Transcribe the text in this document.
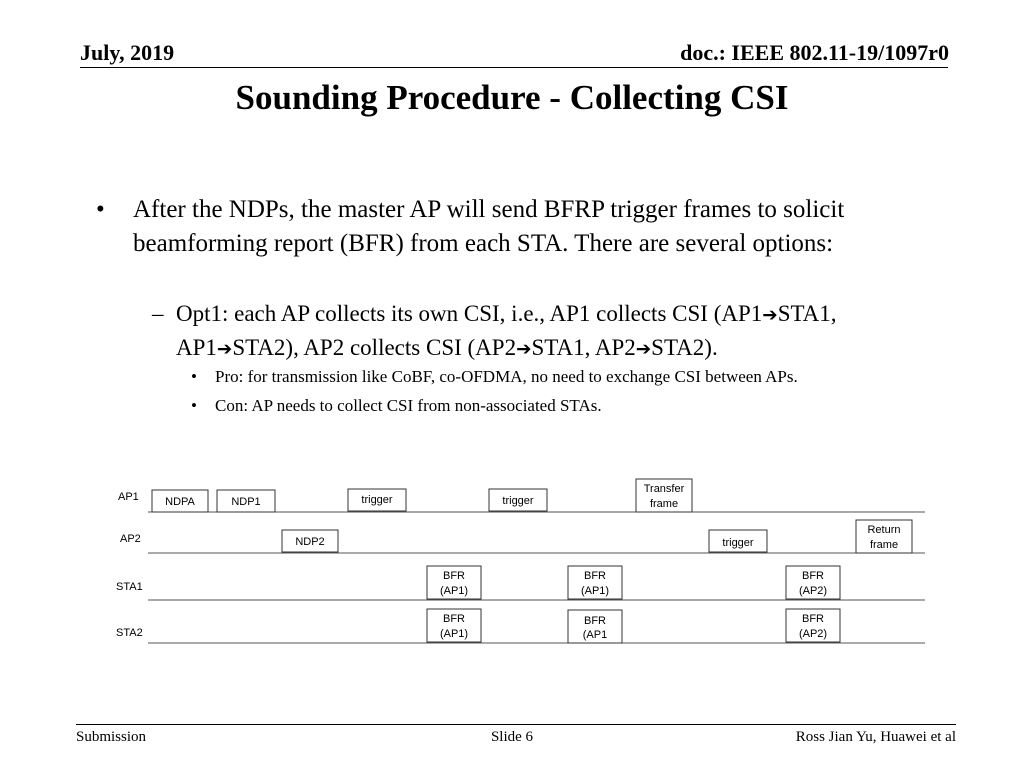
July, 2019	doc.: IEEE 802.11-19/1097r0
Sounding Procedure - Collecting CSI
• After the NDPs, the master AP will send BFRP trigger frames to solicit beamforming report (BFR) from each STA. There are several options:
– Opt1: each AP collects its own CSI, i.e., AP1 collects CSI (AP1➔STA1, AP1➔STA2), AP2 collects CSI (AP2➔STA1, AP2➔STA2).
• Pro: for transmission like CoBF, co-OFDMA, no need to exchange CSI between APs.
• Con: AP needs to collect CSI from non-associated STAs.
AP1
AP2
STA1
STA2
NDPA	NDP1	trigger	trigger
Transfer
frame
NDP2	trigger
Return
frame
BFR
(AP1)
BFR
(AP1)
BFR
(AP2)
BFR
(AP1)
BFR
(AP1
BFR
(AP2)
Submission	Slide 6	Ross Jian Yu, Huawei et al
